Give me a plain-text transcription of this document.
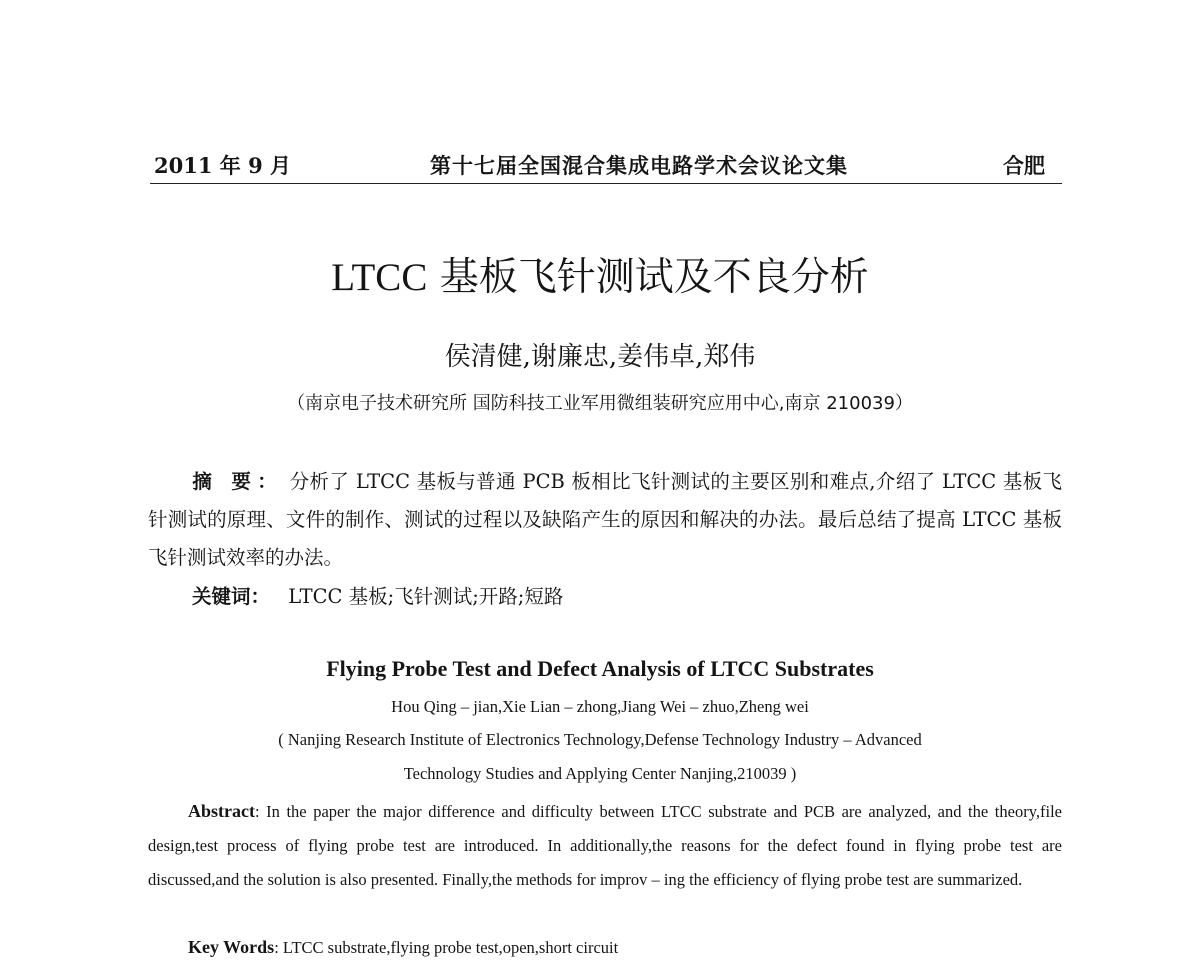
2011 年 9 月	第十七届全国混合集成电路学术会议论文集	合肥
LTCC 基板飞针测试及不良分析
侯清健,谢廉忠,姜伟卓,郑伟
（南京电子技术研究所 国防科技工业军用微组装研究应用中心,南京 210039）
摘 要： 分析了 LTCC 基板与普通 PCB 板相比飞针测试的主要区别和难点,介绍了 LTCC 基板飞针测试的原理、文件的制作、测试的过程以及缺陷产生的原因和解决的办法。最后总结了提高 LTCC 基板飞针测试效率的办法。
关键词： LTCC 基板;飞针测试;开路;短路
Flying Probe Test and Defect Analysis of LTCC Substrates
Hou Qing – jian,Xie Lian – zhong,Jiang Wei – zhuo,Zheng wei
( Nanjing Research Institute of Electronics Technology,Defense Technology Industry – Advanced
Technology Studies and Applying Center Nanjing,210039 )
Abstract: In the paper the major difference and difficulty between LTCC substrate and PCB are analyzed, and the theory,file design,test process of flying probe test are introduced. In additionally,the reasons for the defect found in flying probe test are discussed,and the solution is also presented. Finally,the methods for improv – ing the efficiency of flying probe test are summarized.
Key Words: LTCC substrate,flying probe test,open,short circuit
